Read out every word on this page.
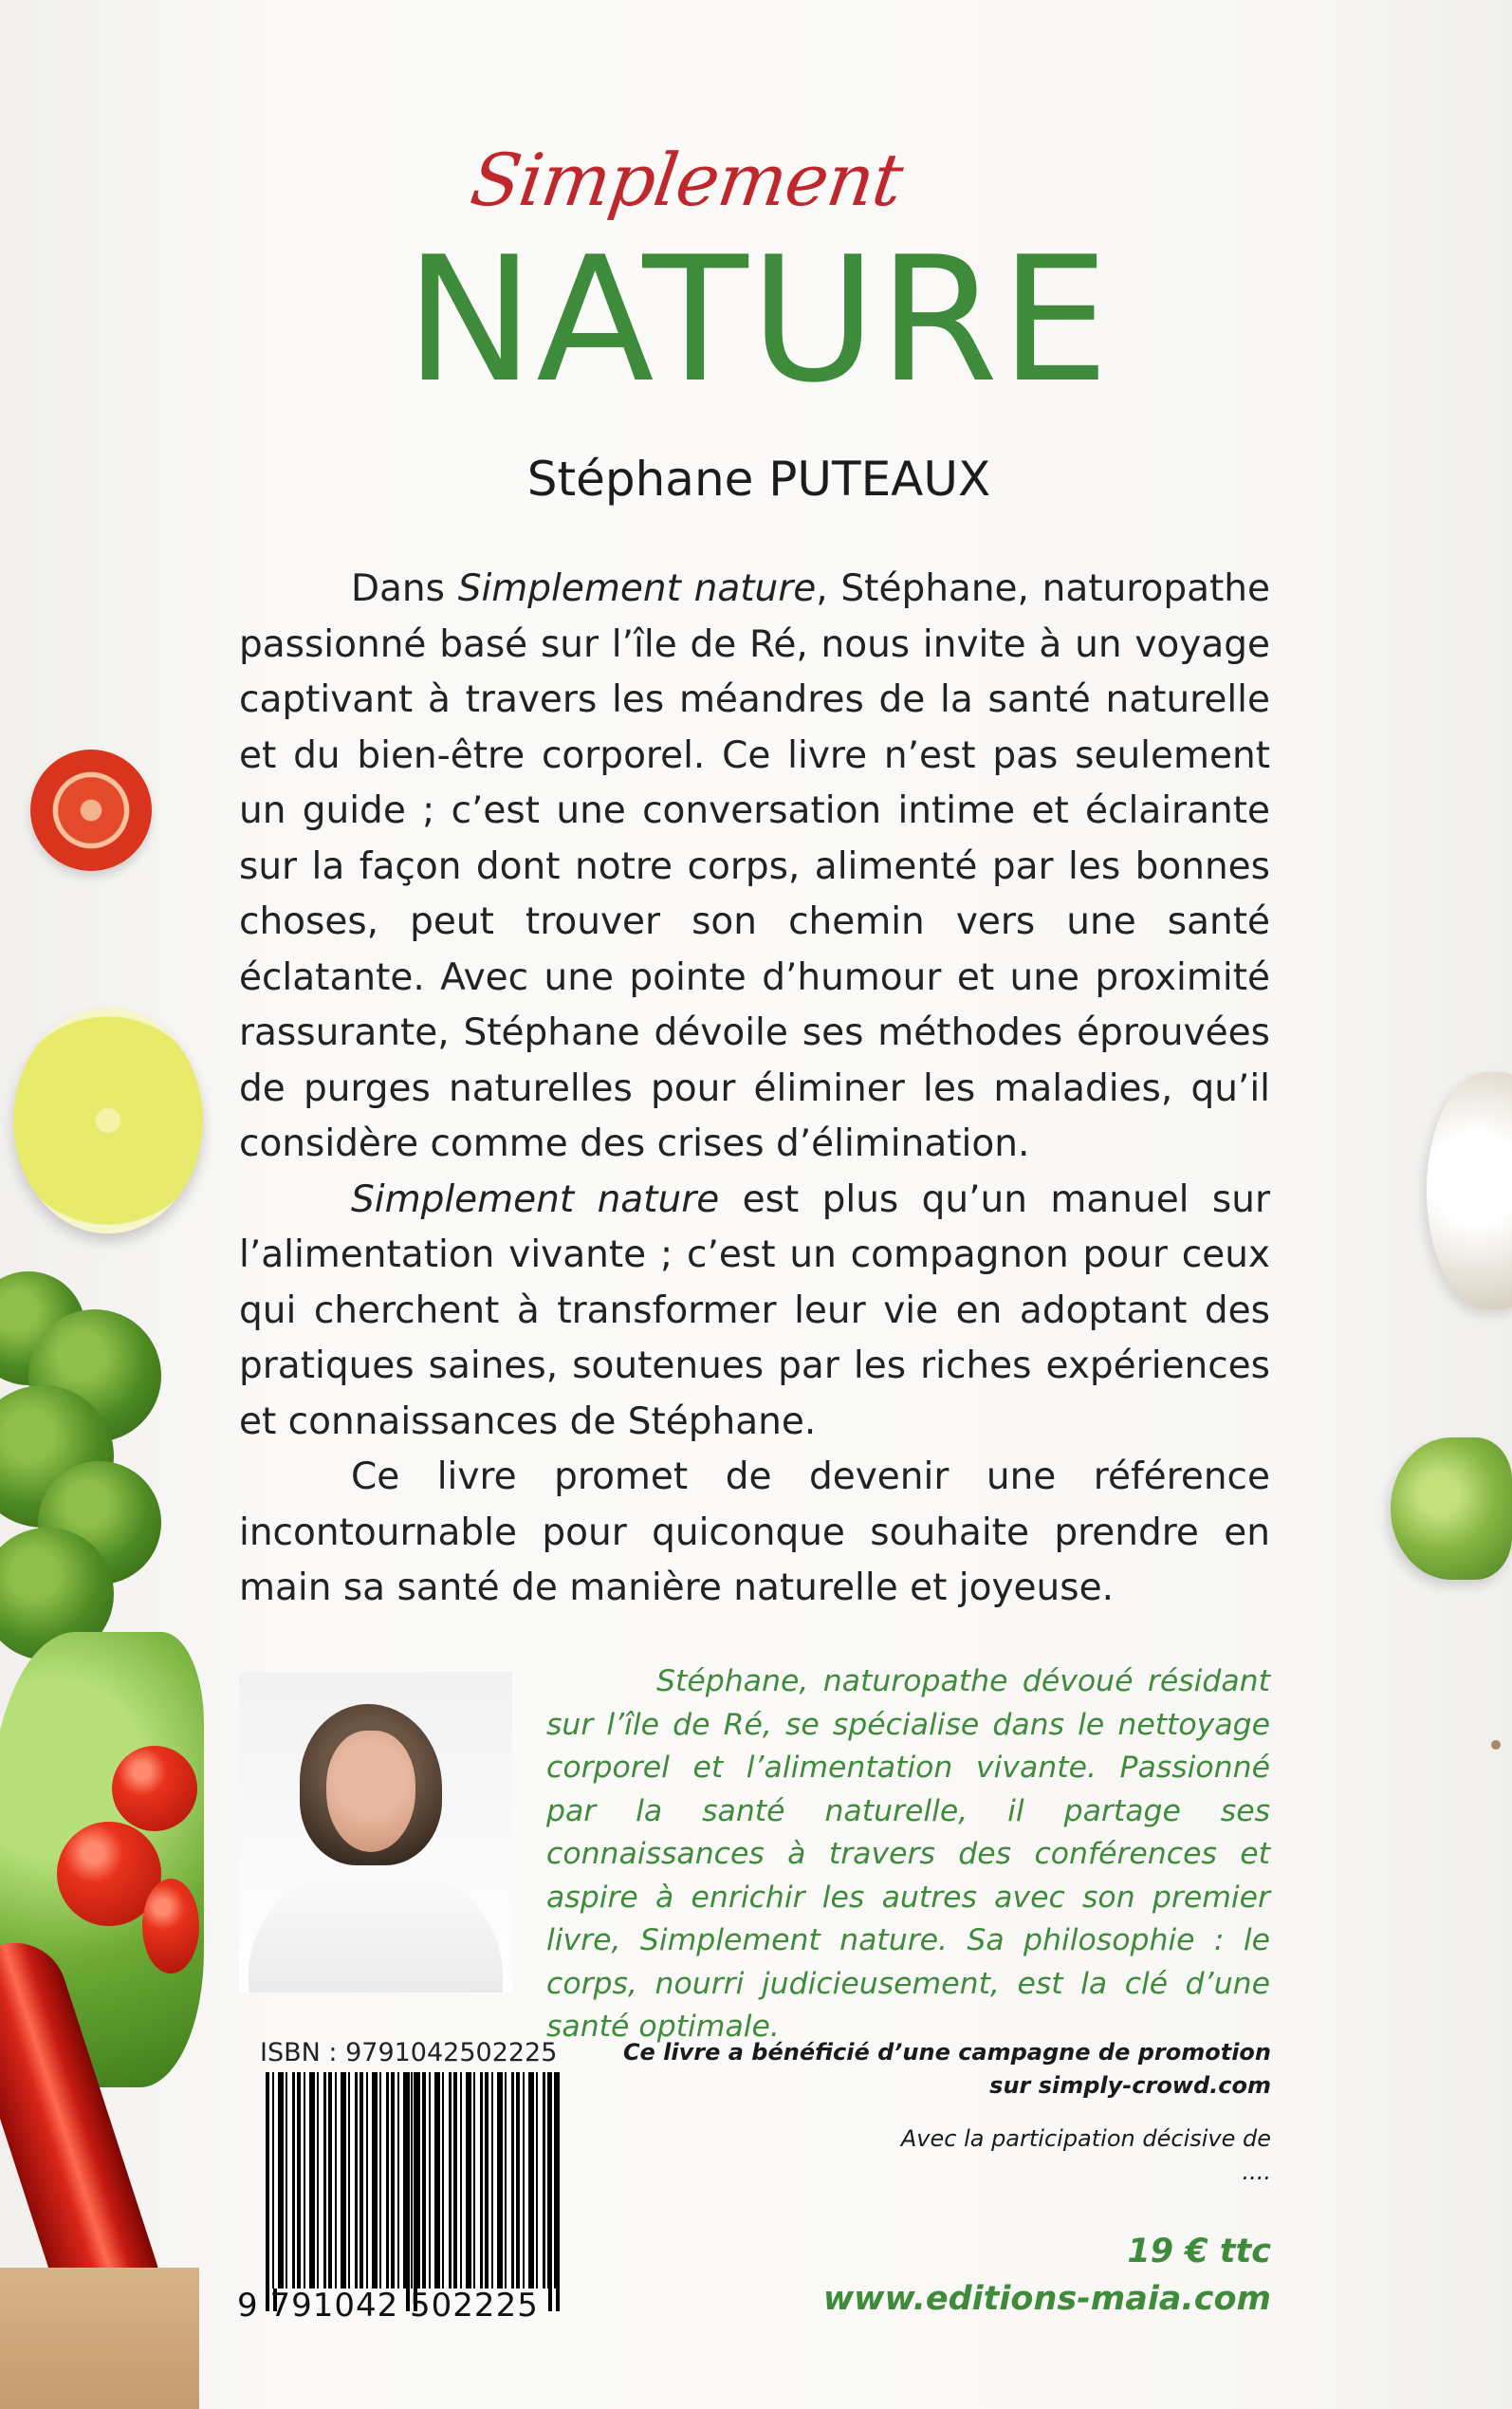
Simplement
NATURE
Stéphane PUTEAUX

Dans Simplement nature, Stéphane, naturopathe passionné basé sur l’île de Ré, nous invite à un voyage captivant à travers les méandres de la santé naturelle et du bien-être corporel. Ce livre n’est pas seulement un guide ; c’est une conversation intime et éclairante sur la façon dont notre corps, alimenté par les bonnes choses, peut trouver son chemin vers une santé éclatante. Avec une pointe d’humour et une proximité rassurante, Stéphane dévoile ses méthodes éprouvées de purges naturelles pour éliminer les maladies, qu’il considère comme des crises d’élimination.

Simplement nature est plus qu’un manuel sur l’alimentation vivante ; c’est un compagnon pour ceux qui cherchent à transformer leur vie en adoptant des pratiques saines, soutenues par les riches expériences et connaissances de Stéphane.

Ce livre promet de devenir une référence incontournable pour quiconque souhaite prendre en main sa santé de manière naturelle et joyeuse.

Stéphane, naturopathe dévoué résidant sur l’île de Ré, se spécialise dans le nettoyage corporel et l’alimentation vivante. Passionné par la santé naturelle, il partage ses connaissances à travers des conférences et aspire à enrichir les autres avec son premier livre, Simplement nature. Sa philosophie : le corps, nourri judicieusement, est la clé d’une santé optimale.

ISBN : 9791042502225
9 791042 502225
Ce livre a bénéficié d’une campagne de promotion
sur simply-crowd.com
Avec la participation décisive de
....
19 € ttc
www.editions-maia.com
